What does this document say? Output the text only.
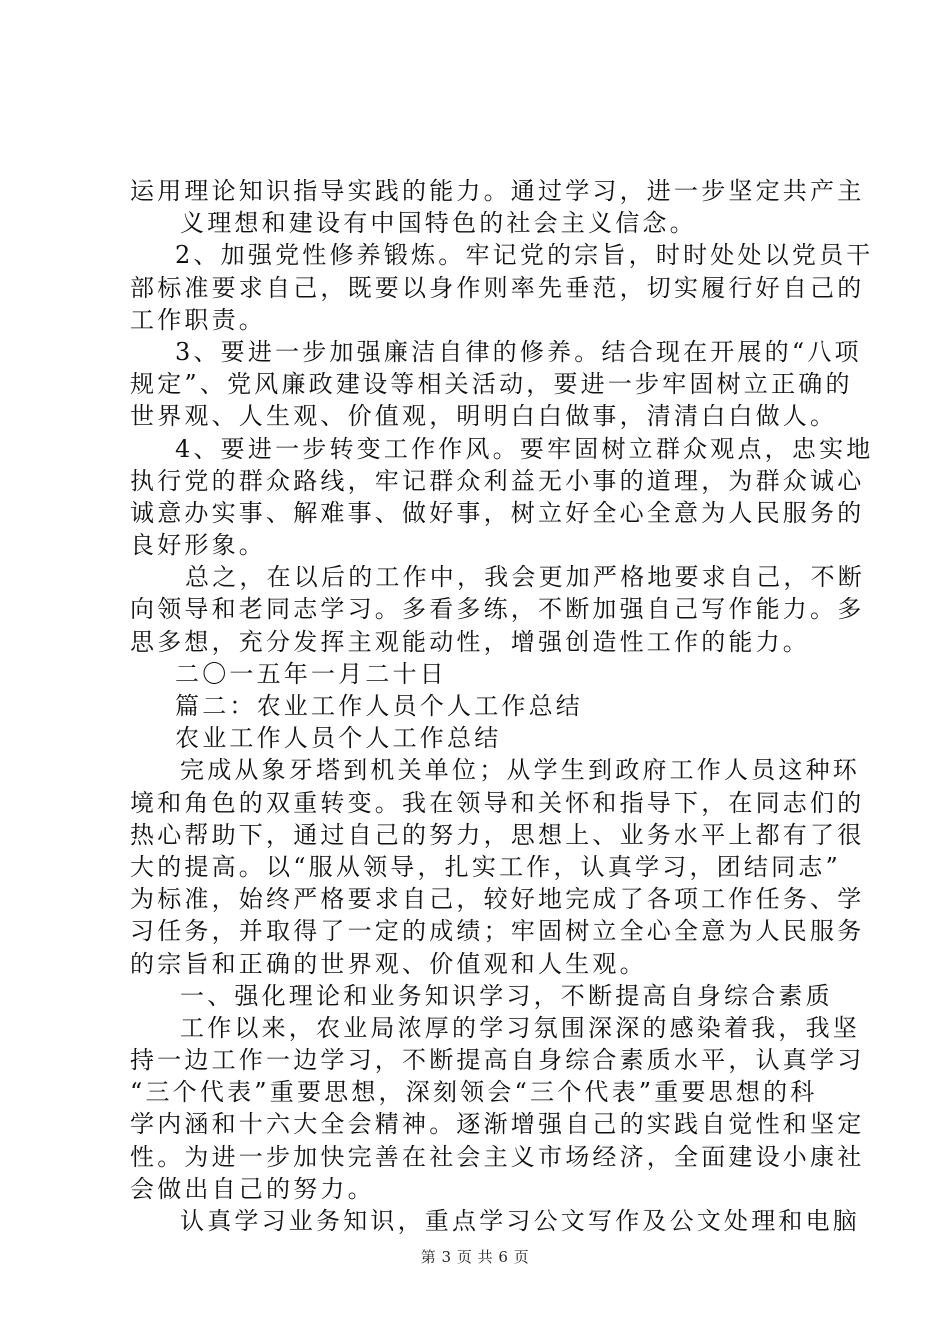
运用理论知识指导实践的能力。通过学习，进一步坚定共产主
义理想和建设有中国特色的社会主义信念。
2、加强党性修养锻炼。牢记党的宗旨，时时处处以党员干
部标准要求自己，既要以身作则率先垂范，切实履行好自己的
工作职责。
3、要进一步加强廉洁自律的修养。结合现在开展的“八项
规定”、党风廉政建设等相关活动，要进一步牢固树立正确的
世界观、人生观、价值观，明明白白做事，清清白白做人。
4、要进一步转变工作作风。要牢固树立群众观点，忠实地
执行党的群众路线，牢记群众利益无小事的道理，为群众诚心
诚意办实事、解难事、做好事，树立好全心全意为人民服务的
良好形象。
总之，在以后的工作中，我会更加严格地要求自己，不断
向领导和老同志学习。多看多练，不断加强自己写作能力。多
思多想，充分发挥主观能动性，增强创造性工作的能力。
二〇一五年一月二十日
篇二：农业工作人员个人工作总结
农业工作人员个人工作总结
完成从象牙塔到机关单位；从学生到政府工作人员这种环
境和角色的双重转变。我在领导和关怀和指导下，在同志们的
热心帮助下，通过自己的努力，思想上、业务水平上都有了很
大的提高。以“服从领导，扎实工作，认真学习，团结同志”
为标准，始终严格要求自己，较好地完成了各项工作任务、学
习任务，并取得了一定的成绩；牢固树立全心全意为人民服务
的宗旨和正确的世界观、价值观和人生观。
一、强化理论和业务知识学习，不断提高自身综合素质
工作以来，农业局浓厚的学习氛围深深的感染着我，我坚
持一边工作一边学习，不断提高自身综合素质水平，认真学习
“三个代表”重要思想，深刻领会“三个代表”重要思想的科
学内涵和十六大全会精神。逐渐增强自己的实践自觉性和坚定
性。为进一步加快完善在社会主义市场经济，全面建设小康社
会做出自己的努力。
认真学习业务知识，重点学习公文写作及公文处理和电脑
第 3 页 共 6 页
